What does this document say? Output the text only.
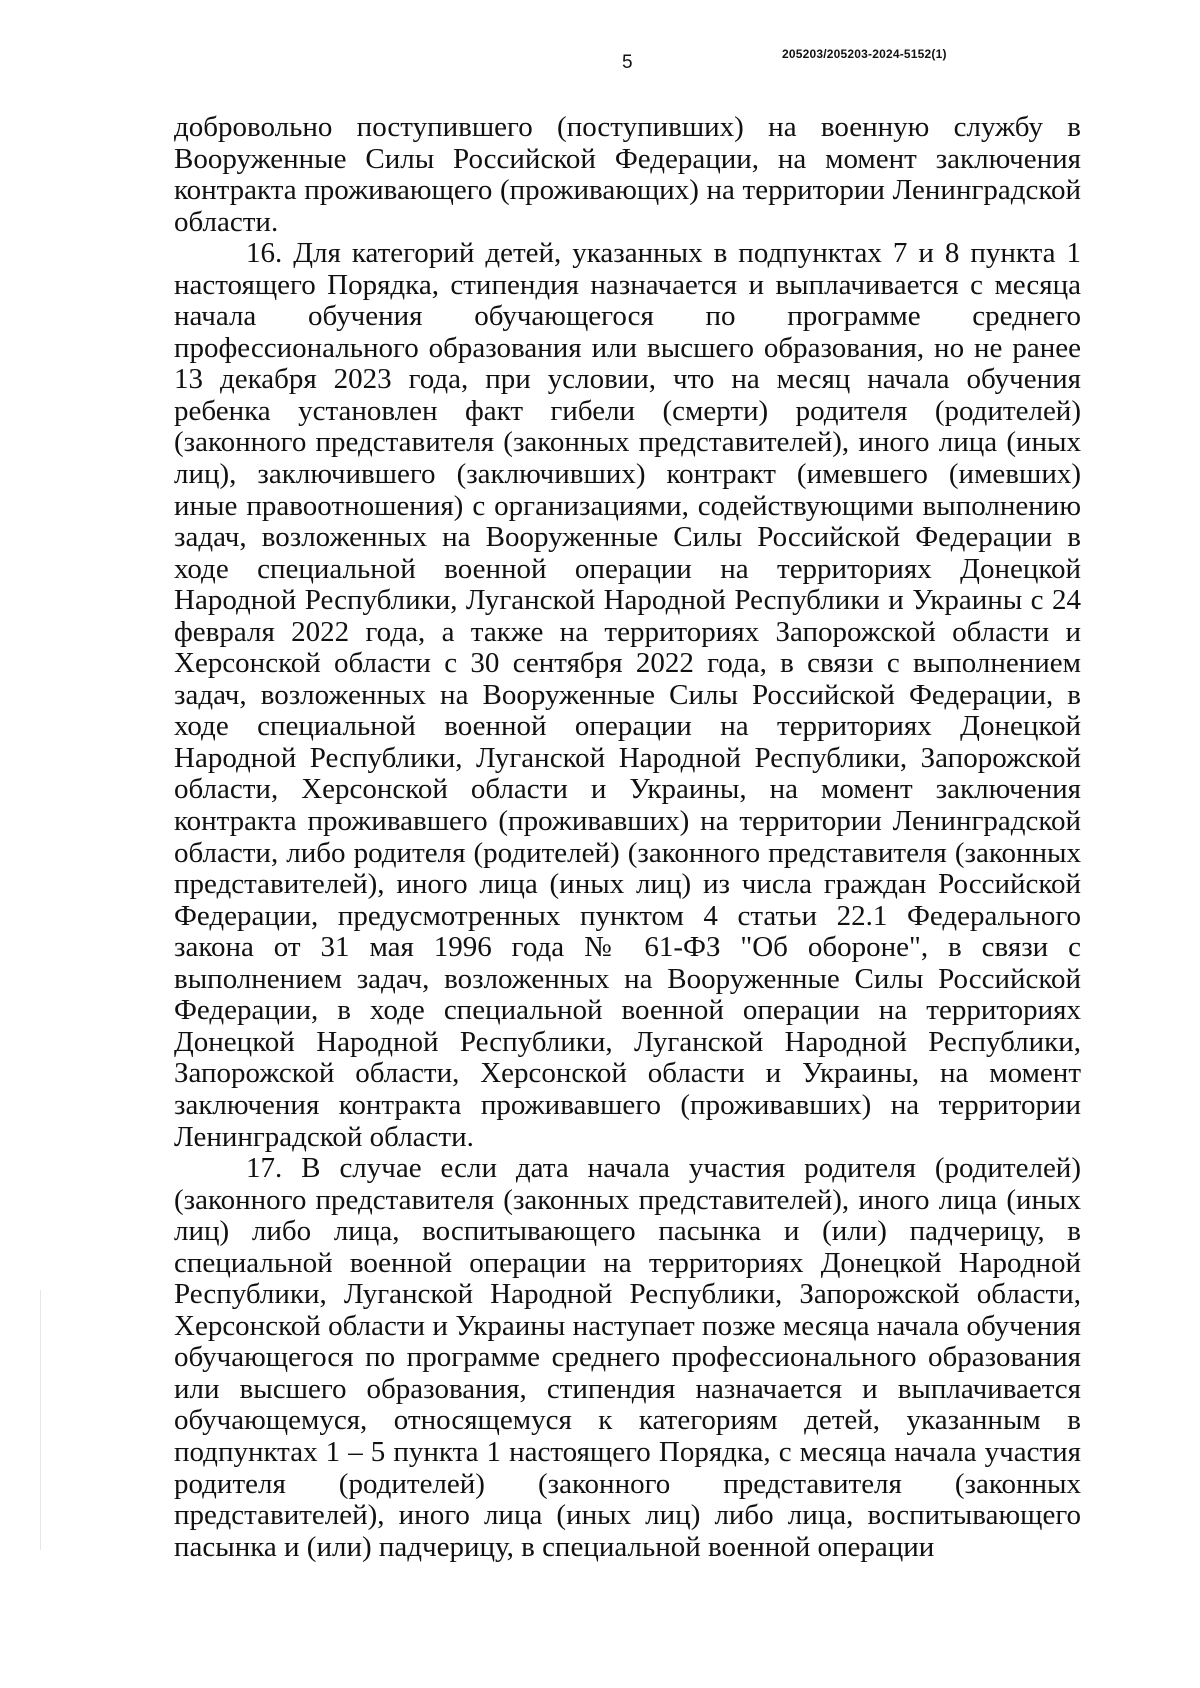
5	205203/205203-2024-5152(1)

добровольно поступившего (поступивших) на военную службу в Вооруженные Силы Российской Федерации, на момент заключения контракта проживающего (проживающих) на территории Ленинградской области.

16. Для категорий детей, указанных в подпунктах 7 и 8 пункта 1 настоящего Порядка, стипендия назначается и выплачивается с месяца начала обучения обучающегося по программе среднего профессионального образования или высшего образования, но не ранее 13 декабря 2023 года, при условии, что на месяц начала обучения ребенка установлен факт гибели (смерти) родителя (родителей) (законного представителя (законных представителей), иного лица (иных лиц), заключившего (заключивших) контракт (имевшего (имевших) иные правоотношения) с организациями, содействующими выполнению задач, возложенных на Вооруженные Силы Российской Федерации в ходе специальной военной операции на территориях Донецкой Народной Республики, Луганской Народной Республики и Украины с 24 февраля 2022 года, а также на территориях Запорожской области и Херсонской области с 30 сентября 2022 года, в связи с выполнением задач, возложенных на Вооруженные Силы Российской Федерации, в ходе специальной военной операции на территориях Донецкой Народной Республики, Луганской Народной Республики, Запорожской области, Херсонской области и Украины, на момент заключения контракта проживавшего (проживавших) на территории Ленинградской области, либо родителя (родителей) (законного представителя (законных представителей), иного лица (иных лиц) из числа граждан Российской Федерации, предусмотренных пунктом 4 статьи 22.1 Федерального закона от 31 мая 1996 года № 61-ФЗ "Об обороне", в связи с выполнением задач, возложенных на Вооруженные Силы Российской Федерации, в ходе специальной военной операции на территориях Донецкой Народной Республики, Луганской Народной Республики, Запорожской области, Херсонской области и Украины, на момент заключения контракта проживавшего (проживавших) на территории Ленинградской области.

17. В случае если дата начала участия родителя (родителей) (законного представителя (законных представителей), иного лица (иных лиц) либо лица, воспитывающего пасынка и (или) падчерицу, в специальной военной операции на территориях Донецкой Народной Республики, Луганской Народной Республики, Запорожской области, Херсонской области и Украины наступает позже месяца начала обучения обучающегося по программе среднего профессионального образования или высшего образования, стипендия назначается и выплачивается обучающемуся, относящемуся к категориям детей, указанным в подпунктах 1 – 5 пункта 1 настоящего Порядка, с месяца начала участия родителя (родителей) (законного представителя (законных представителей), иного лица (иных лиц) либо лица, воспитывающего пасынка и (или) падчерицу, в специальной военной операции
